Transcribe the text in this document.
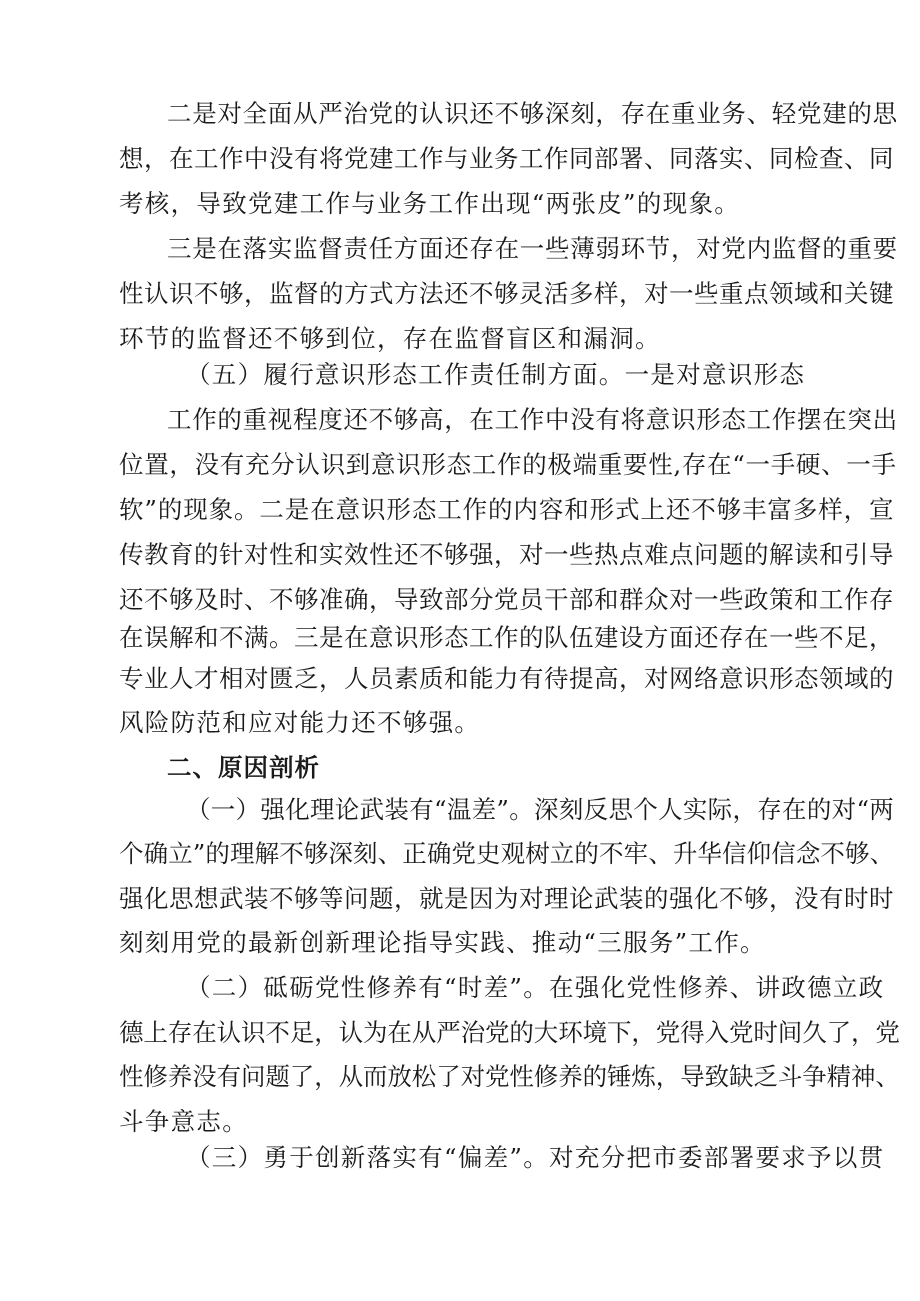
二是对全面从严治党的认识还不够深刻，存在重业务、轻党建的思
想，在工作中没有将党建工作与业务工作同部署、同落实、同检查、同
考核，导致党建工作与业务工作出现“两张皮”的现象。
三是在落实监督责任方面还存在一些薄弱环节，对党内监督的重要
性认识不够，监督的方式方法还不够灵活多样，对一些重点领域和关键
环节的监督还不够到位，存在监督盲区和漏洞。
（五）履行意识形态工作责任制方面。一是对意识形态
工作的重视程度还不够高，在工作中没有将意识形态工作摆在突出
位置，没有充分认识到意识形态工作的极端重要性,存在“一手硬、一手
软”的现象。二是在意识形态工作的内容和形式上还不够丰富多样，宣
传教育的针对性和实效性还不够强，对一些热点难点问题的解读和引导
还不够及时、不够准确，导致部分党员干部和群众对一些政策和工作存
在误解和不满。三是在意识形态工作的队伍建设方面还存在一些不足，
专业人才相对匮乏，人员素质和能力有待提高，对网络意识形态领域的
风险防范和应对能力还不够强。
二、原因剖析
（一）强化理论武装有“温差”。深刻反思个人实际，存在的对“两
个确立”的理解不够深刻、正确党史观树立的不牢、升华信仰信念不够、
强化思想武装不够等问题，就是因为对理论武装的强化不够，没有时时
刻刻用党的最新创新理论指导实践、推动“三服务”工作。
（二）砥砺党性修养有“时差”。在强化党性修养、讲政德立政
德上存在认识不足，认为在从严治党的大环境下，党得入党时间久了，党
性修养没有问题了，从而放松了对党性修养的锤炼，导致缺乏斗争精神、
斗争意志。
（三）勇于创新落实有“偏差”。对充分把市委部署要求予以贯
